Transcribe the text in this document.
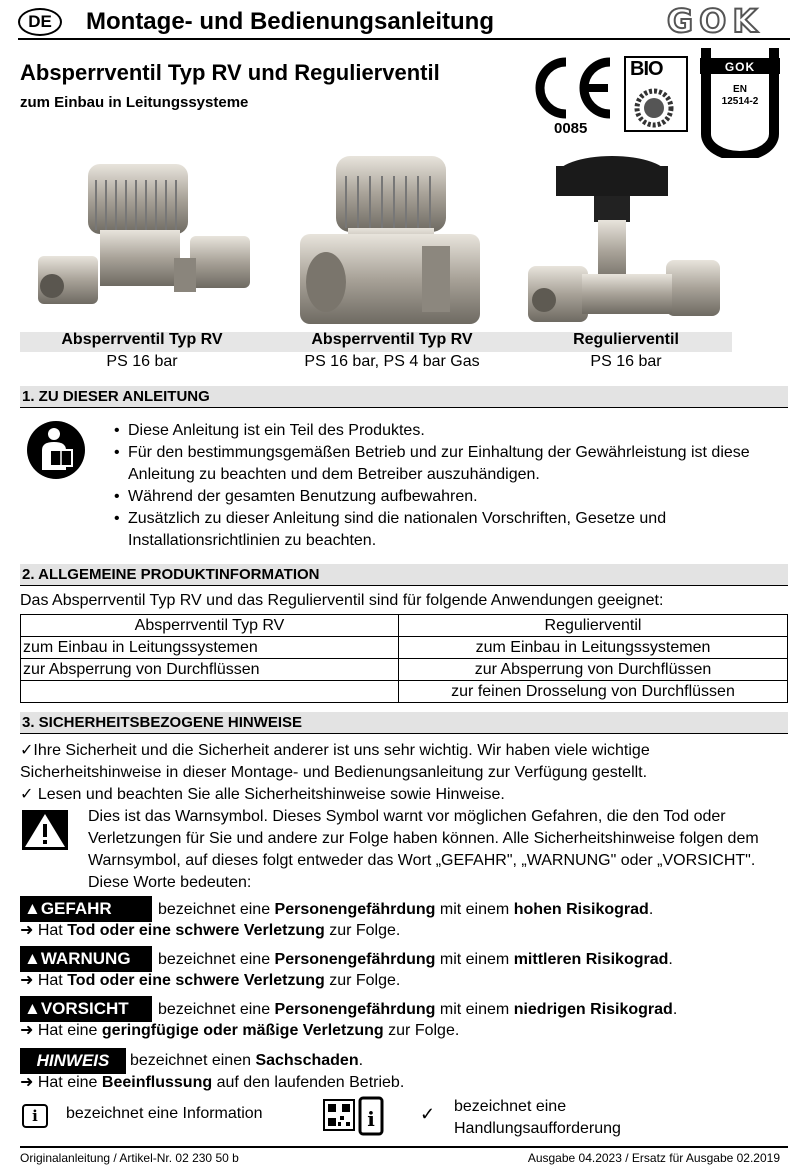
DE	Montage- und Bedienungsanleitung	GOK
Absperrventil Typ RV und Regulierventil
zum Einbau in Leitungssysteme
0085
BIO	GOK
EN
12514-2
Absperrventil Typ RV
PS 16 bar
Absperrventil Typ RV
PS 16 bar, PS 4 bar Gas
Regulierventil
PS 16 bar
1. ZU DIESER ANLEITUNG
• Diese Anleitung ist ein Teil des Produktes.
• Für den bestimmungsgemäßen Betrieb und zur Einhaltung der Gewährleistung ist diese Anleitung zu beachten und dem Betreiber auszuhändigen.
• Während der gesamten Benutzung aufbewahren.
• Zusätzlich zu dieser Anleitung sind die nationalen Vorschriften, Gesetze und Installationsrichtlinien zu beachten.
2. ALLGEMEINE PRODUKTINFORMATION
Das Absperrventil Typ RV und das Regulierventil sind für folgende Anwendungen geeignet:
Absperrventil Typ RV	Regulierventil
zum Einbau in Leitungssystemen	zum Einbau in Leitungssystemen
zur Absperrung von Durchflüssen	zur Absperrung von Durchflüssen
	zur feinen Drosselung von Durchflüssen
3. SICHERHEITSBEZOGENE HINWEISE
✓Ihre Sicherheit und die Sicherheit anderer ist uns sehr wichtig. Wir haben viele wichtige Sicherheitshinweise in dieser Montage- und Bedienungsanleitung zur Verfügung gestellt.
✓ Lesen und beachten Sie alle Sicherheitshinweise sowie Hinweise.
Dies ist das Warnsymbol. Dieses Symbol warnt vor möglichen Gefahren, die den Tod oder Verletzungen für Sie und andere zur Folge haben können. Alle Sicherheitshinweise folgen dem Warnsymbol, auf dieses folgt entweder das Wort „GEFAHR", „WARNUNG" oder „VORSICHT". Diese Worte bedeuten:
▲GEFAHR	bezeichnet eine Personengefährdung mit einem hohen Risikograd.
➜ Hat Tod oder eine schwere Verletzung zur Folge.
▲WARNUNG	bezeichnet eine Personengefährdung mit einem mittleren Risikograd.
➜ Hat Tod oder eine schwere Verletzung zur Folge.
▲VORSICHT	bezeichnet eine Personengefährdung mit einem niedrigen Risikograd.
➜ Hat eine geringfügige oder mäßige Verletzung zur Folge.
HINWEIS	bezeichnet einen Sachschaden.
➜ Hat eine Beeinflussung auf den laufenden Betrieb.
i	bezeichnet eine Information	i	✓ bezeichnet eine Handlungsaufforderung
Originalanleitung / Artikel-Nr. 02 230 50 b	Ausgabe 04.2023 / Ersatz für Ausgabe 02.2019
